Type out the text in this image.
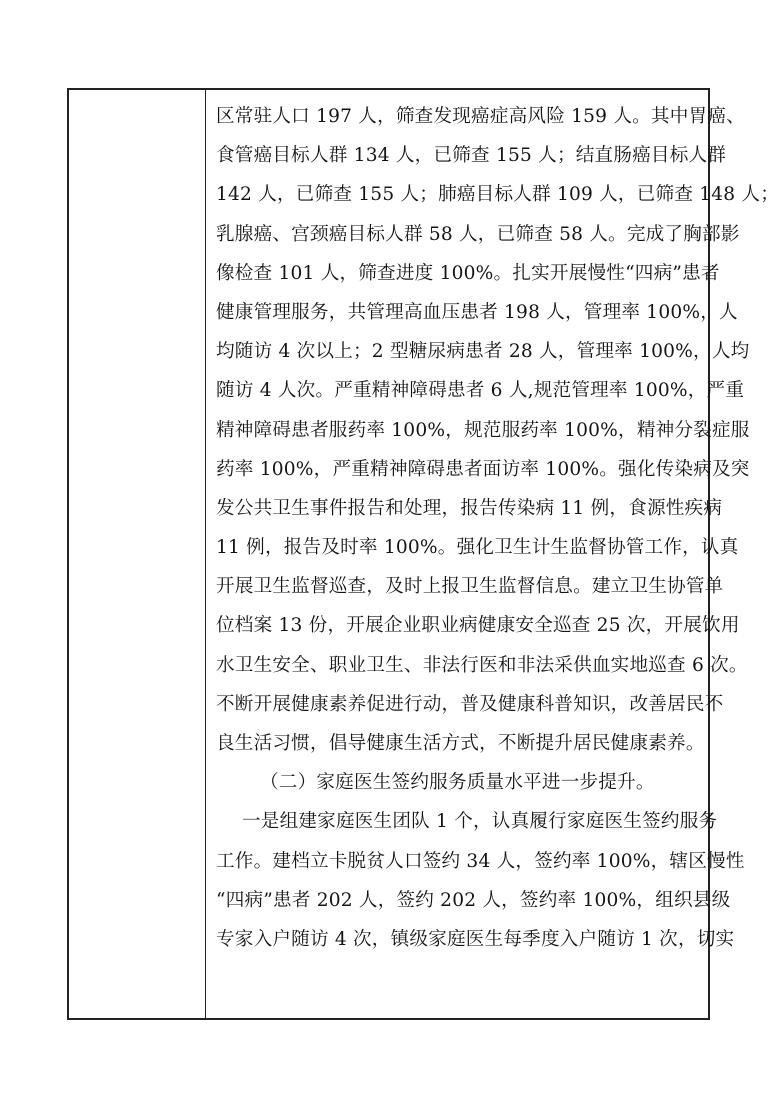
区常驻人口 197 人，筛查发现癌症高风险 159 人。其中胃癌、
食管癌目标人群 134 人，已筛查 155 人；结直肠癌目标人群
142 人，已筛查 155 人；肺癌目标人群 109 人，已筛查 148 人；
乳腺癌、宫颈癌目标人群 58 人，已筛查 58 人。完成了胸部影
像检查 101 人，筛查进度 100%。扎实开展慢性“四病”患者
健康管理服务，共管理高血压患者 198 人，管理率 100%，人
均随访 4 次以上；2 型糖尿病患者 28 人，管理率 100%，人均
随访 4 人次。严重精神障碍患者 6 人,规范管理率 100%，严重
精神障碍患者服药率 100%，规范服药率 100%，精神分裂症服
药率 100%，严重精神障碍患者面访率 100%。强化传染病及突
发公共卫生事件报告和处理，报告传染病 11 例，食源性疾病
11 例，报告及时率 100%。强化卫生计生监督协管工作，认真
开展卫生监督巡查，及时上报卫生监督信息。建立卫生协管单
位档案 13 份，开展企业职业病健康安全巡查 25 次，开展饮用
水卫生安全、职业卫生、非法行医和非法采供血实地巡查 6 次。
不断开展健康素养促进行动，普及健康科普知识，改善居民不
良生活习惯，倡导健康生活方式，不断提升居民健康素养。
（二）家庭医生签约服务质量水平进一步提升。
一是组建家庭医生团队 1 个，认真履行家庭医生签约服务
工作。建档立卡脱贫人口签约 34 人，签约率 100%，辖区慢性
“四病”患者 202 人，签约 202 人，签约率 100%，组织县级
专家入户随访 4 次，镇级家庭医生每季度入户随访 1 次，切实
